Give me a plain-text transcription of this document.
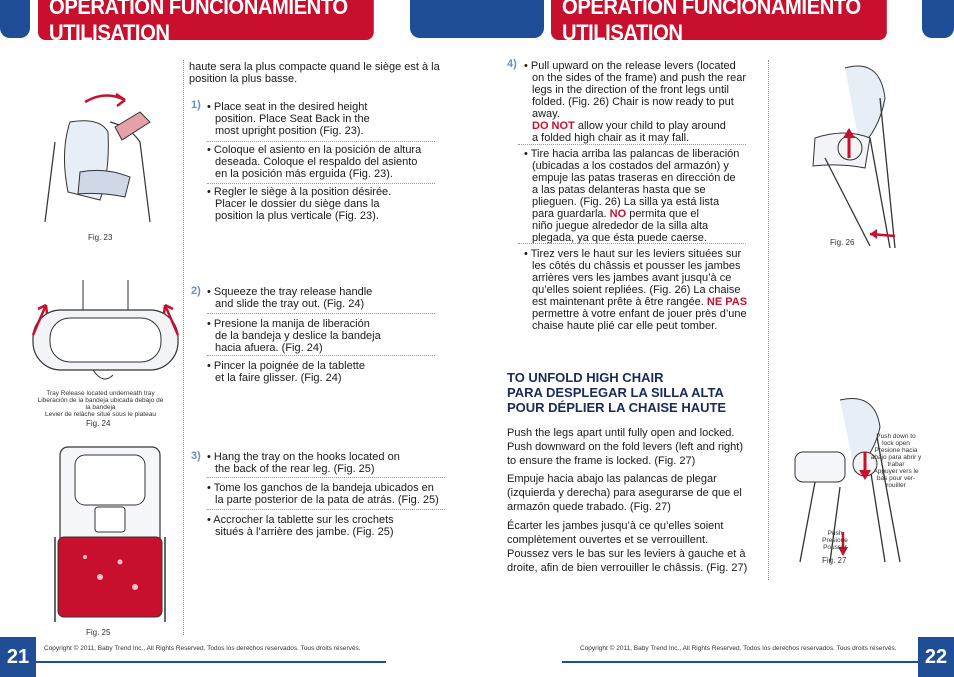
OPERATION FUNCIONAMIENTO UTILISATION
OPERATION FUNCIONAMIENTO UTILISATION
haute sera la plus compacte quand le siège est à la position la plus basse.
1) • Place seat in the desired height
position. Place Seat Back in the
most upright position (Fig. 23).
• Coloque el asiento en la posición de altura
deseada. Coloque el respaldo del asiento
en la posición más erguida (Fig. 23).
• Regler le siège à la position désirée.
Placer le dossier du siège dans la
position la plus verticale (Fig. 23).
2) • Squeeze the tray release handle
and slide the tray out. (Fig. 24)
• Presione la manija de liberación
de la bandeja y deslice la bandeja
hacia afuera. (Fig. 24)
• Pincer la poignée de la tablette
et la faire glisser. (Fig. 24)
3) • Hang the tray on the hooks located on
the back of the rear leg. (Fig. 25)
• Tome los ganchos de la bandeja ubicados en
la parte posterior de la pata de atrás. (Fig. 25)
• Accrocher la tablette sur les crochets
situés à l’arrière des jambe. (Fig. 25)
Fig. 23
Tray Release located underneath tray
Liberación de la bandeja ubicada debajo de
la bandeja
Levier de relâche situé sous le plateau
Fig. 24
Fig. 25
21	Copyright © 2011, Baby Trend Inc., All Rights Reserved. Todos los derechos reservados. Tous droits réservés.
4) • Pull upward on the release levers (located
on the sides of the frame) and push the rear
legs in the direction of the front legs until
folded. (Fig. 26) Chair is now ready to put
away.
DO NOT allow your child to play around
a folded high chair as it may fall.
• Tire hacia arriba las palancas de liberación
(ubicadas a los costados del armazón) y
empuje las patas traseras en dirección de
a las patas delanteras hasta que se
plieguen. (Fig. 26) La silla ya está lista
para guardarla. NO permita que el
niño juegue alrededor de la silla alta
plegada, ya que ésta puede caerse.
• Tirez vers le haut sur les leviers situées sur
les côtés du châssis et pousser les jambes
arrières vers les jambes avant jusqu’à ce
qu’elles soient repliées. (Fig. 26) La chaise
est maintenant prête à être rangée. NE PAS
permettre à votre enfant de jouer près d’une
chaise haute plié car elle peut tomber.
TO UNFOLD HIGH CHAIR
PARA DESPLEGAR LA SILLA ALTA
POUR DÉPLIER LA CHAISE HAUTE
Push the legs apart until fully open and locked.
Push downward on the fold levers (left and right)
to ensure the frame is locked. (Fig. 27)
Empuje hacia abajo las palancas de plegar
(izquierda y derecha) para asegurarse de que el
armazón quede trabado. (Fig. 27)
Écarter les jambes jusqu’à ce qu’elles soient
complètement ouvertes et se verrouillent.
Poussez vers le bas sur les leviers à gauche et à
droite, afin de bien verrouiller le châssis. (Fig. 27)
Fig. 26
Push down to
lock open
Presione hacia
abajo para abrir y
trabar
Appuyer vers le
bas pour ver-
rouiller
Push
Presione
Pousser
Fig. 27
Copyright © 2011, Baby Trend Inc., All Rights Reserved. Todos los derechos reservados. Tous droits réservés.	22
